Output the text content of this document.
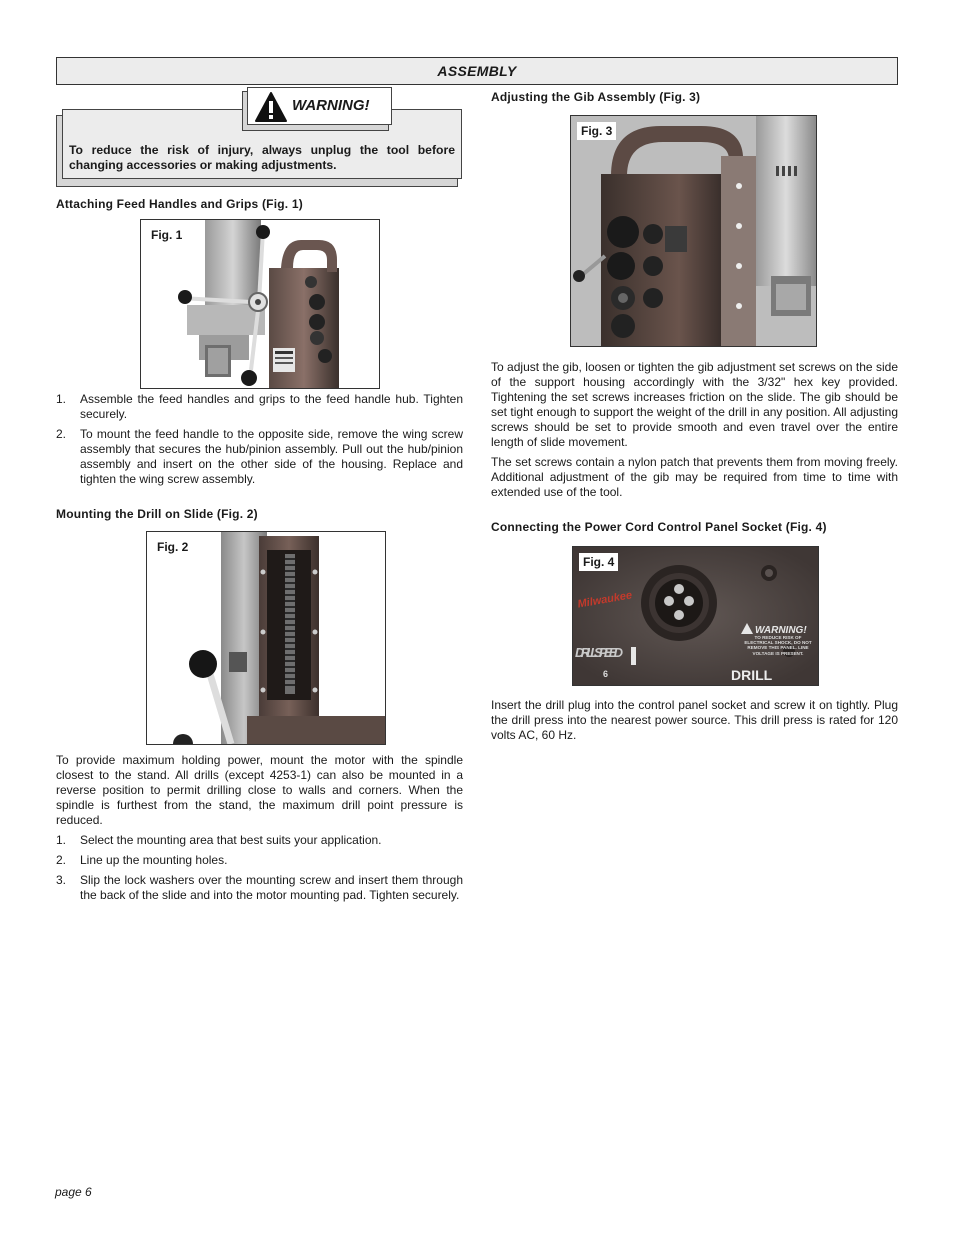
ASSEMBLY
To reduce the risk of injury, always unplug the tool before changing accessories or making adjustments.
WARNING!
Attaching Feed Handles and Grips (Fig. 1)
Fig. 1
1. Assemble the feed handles and grips to the feed handle hub. Tighten securely.
2. To mount the feed handle to the opposite side, remove the wing screw assembly that secures the hub/pinion assembly. Pull out the hub/pinion assembly and insert on the other side of the housing. Replace and tighten the wing screw assembly.
Mounting the Drill on Slide (Fig. 2)
Fig. 2

To provide maximum holding power, mount the motor with the spindle closest to the stand. All drills (except 4253-1) can also be mounted in a reverse position to permit drilling close to walls and corners. When the spindle is furthest from the stand, the maximum drill point pressure is reduced.

1. Select the mounting area that best suits your application.
2. Line up the mounting holes.
3. Slip the lock washers over the mounting screw and insert them through the back of the slide and into the motor mounting pad. Tighten securely.
Adjusting the Gib Assembly (Fig. 3)
Fig. 3

To adjust the gib, loosen or tighten the gib adjustment set screws on the side of the support housing accordingly with the 3/32" hex key provided. Tightening the set screws increases friction on the slide. The gib should be set tight enough to support the weight of the drill in any position. All adjusting screws should be set to provide smooth and even travel over the entire length of slide movement.

The set screws contain a nylon patch that prevents them from moving freely. Additional adjustment of the gib may be required from time to time with extended use of the tool.

Connecting the Power Cord Control Panel Socket (Fig. 4)
Milwaukee
DRILL SPEED
6
WARNING!
TO REDUCE RISK OF ELECTRICAL SHOCK, DO NOT REMOVE THIS PANEL. LINE VOLTAGE IS PRESENT.
DRILL
Fig. 4

Insert the drill plug into the control panel socket and screw it on tightly. Plug the drill press into the nearest power source. This drill press is rated for 120 volts AC, 60 Hz.

page 6
